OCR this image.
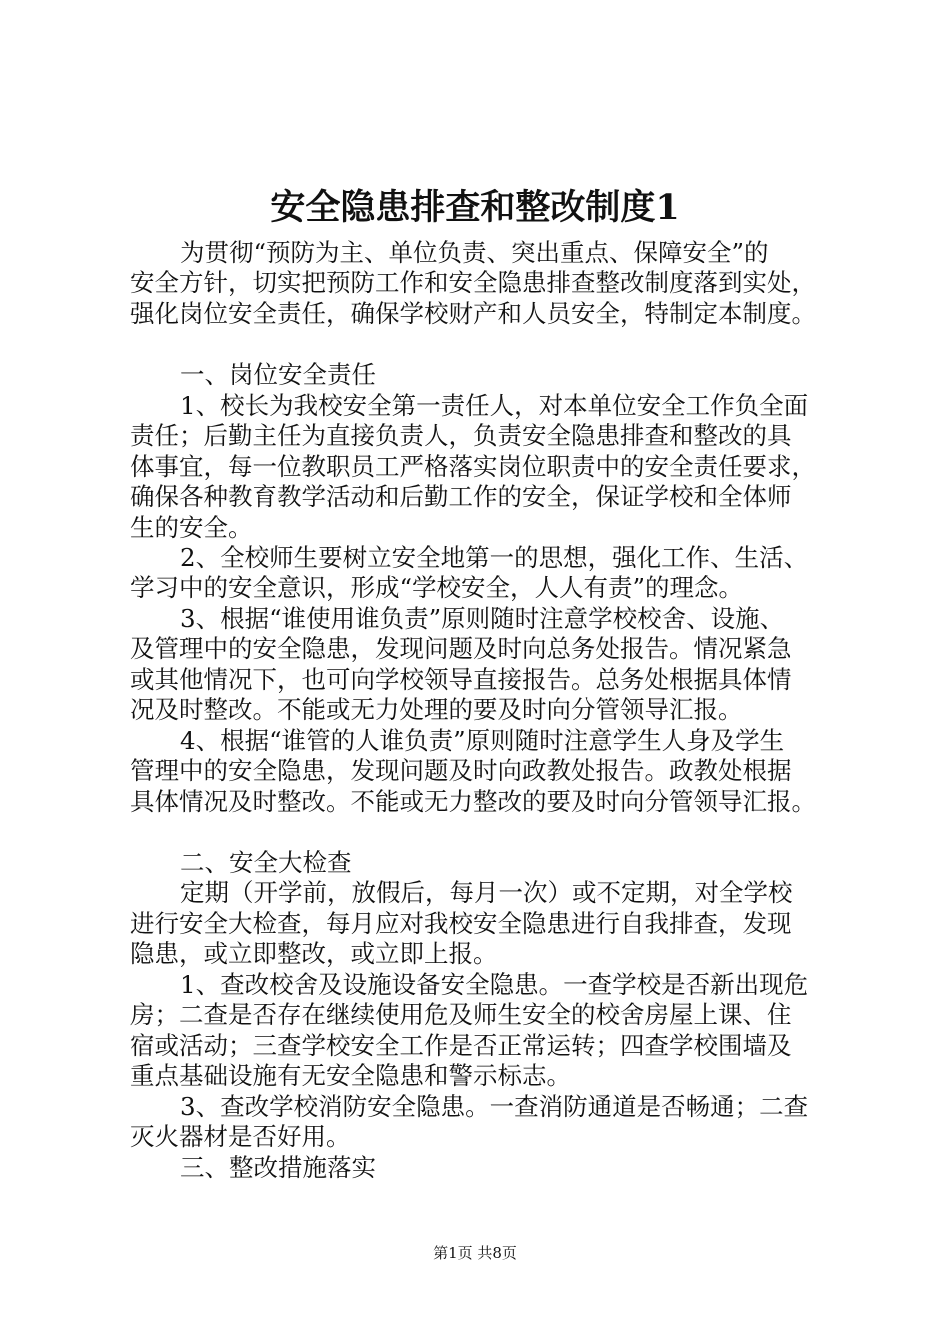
安全隐患排查和整改制度1
为贯彻“预防为主、单位负责、突出重点、保障安全”的
安全方针，切实把预防工作和安全隐患排查整改制度落到实处，
强化岗位安全责任，确保学校财产和人员安全，特制定本制度。
一、岗位安全责任
1、校长为我校安全第一责任人，对本单位安全工作负全面
责任；后勤主任为直接负责人，负责安全隐患排查和整改的具
体事宜，每一位教职员工严格落实岗位职责中的安全责任要求，
确保各种教育教学活动和后勤工作的安全，保证学校和全体师
生的安全。
2、全校师生要树立安全地第一的思想，强化工作、生活、
学习中的安全意识，形成“学校安全，人人有责”的理念。
3、根据“谁使用谁负责”原则随时注意学校校舍、设施、
及管理中的安全隐患，发现问题及时向总务处报告。情况紧急
或其他情况下，也可向学校领导直接报告。总务处根据具体情
况及时整改。不能或无力处理的要及时向分管领导汇报。
4、根据“谁管的人谁负责”原则随时注意学生人身及学生
管理中的安全隐患，发现问题及时向政教处报告。政教处根据
具体情况及时整改。不能或无力整改的要及时向分管领导汇报。
二、安全大检查
定期（开学前，放假后，每月一次）或不定期，对全学校
进行安全大检查，每月应对我校安全隐患进行自我排查，发现
隐患，或立即整改，或立即上报。
1、查改校舍及设施设备安全隐患。一查学校是否新出现危
房；二查是否存在继续使用危及师生安全的校舍房屋上课、住
宿或活动；三查学校安全工作是否正常运转；四查学校围墙及
重点基础设施有无安全隐患和警示标志。
3、查改学校消防安全隐患。一查消防通道是否畅通；二查
灭火器材是否好用。
三、整改措施落实
第1页 共8页
